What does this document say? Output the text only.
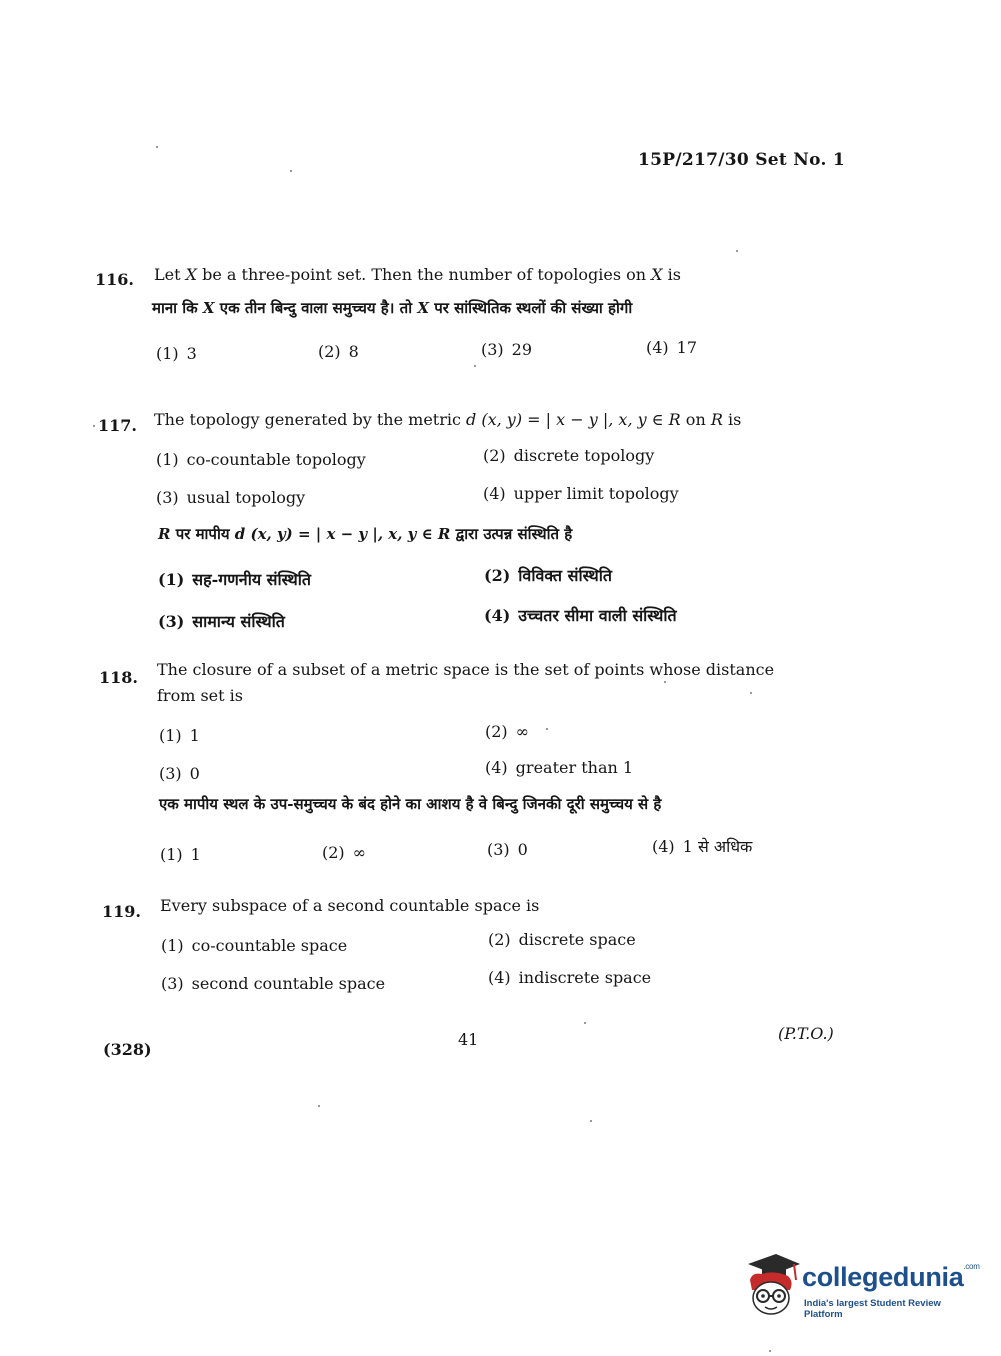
15P/217/30 Set No. 1
116. Let X be a three-point set. Then the number of topologies on X is
माना कि X एक तीन बिन्दु वाला समुच्चय है। तो X पर सांस्थितिक स्थलों की संख्या होगी
(1) 3	(2) 8	(3) 29	(4) 17
117. The topology generated by the metric d (x, y) = | x − y |, x, y ∈ R on R is
(1) co-countable topology	(2) discrete topology
(3) usual topology	(4) upper limit topology
R पर मापीय d (x, y) = | x − y |, x, y ∈ R द्वारा उत्पन्न संस्थिति है
(1) सह-गणनीय संस्थिति	(2) विविक्त संस्थिति
(3) सामान्य संस्थिति	(4) उच्चतर सीमा वाली संस्थिति
118. The closure of a subset of a metric space is the set of points whose distance
from set is
(1) 1	(2) ∞
(3) 0	(4) greater than 1
एक मापीय स्थल के उप-समुच्चय के बंद होने का आशय है वे बिन्दु जिनकी दूरी समुच्चय से है
(1) 1	(2) ∞	(3) 0	(4) 1 से अधिक
119. Every subspace of a second countable space is
(1) co-countable space	(2) discrete space
(3) second countable space	(4) indiscrete space
(328)
41	(P.T.O.)
collegedunia$^{.com}$
India's largest Student Review Platform
